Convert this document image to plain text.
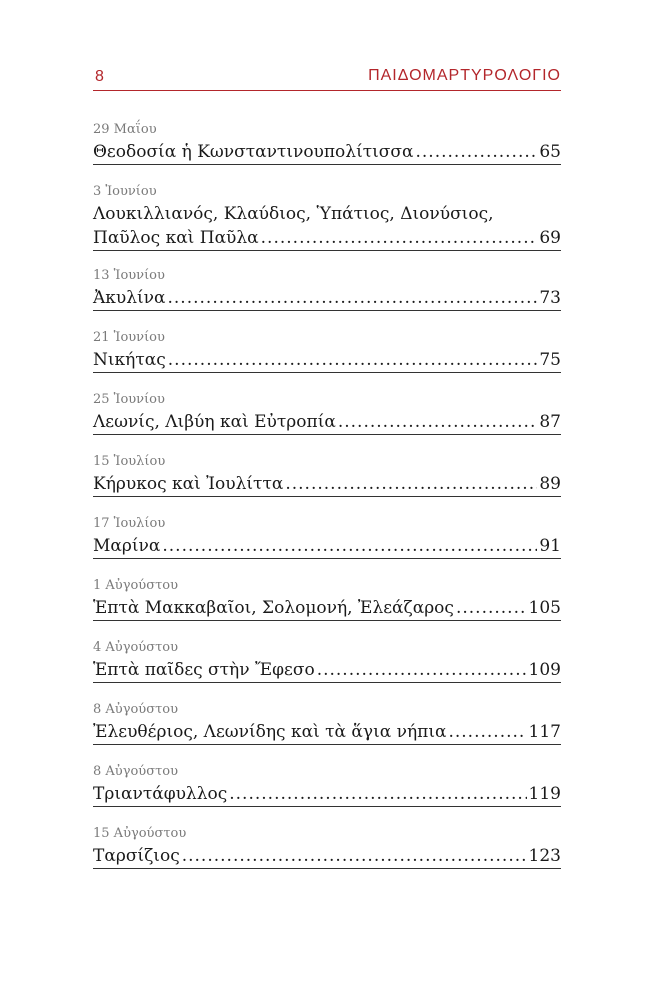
8	ΠΑΙΔΟΜΑΡΤΥΡΟΛΟΓΙΟ
29 Μαΐου
Θεοδοσία ἡ Κωνσταντινουπολίτισσα .....	65
3 Ἰουνίου
Λουκιλλιανός, Κλαύδιος, Ὑπάτιος, Διονύσιος,
Παῦλος καὶ Παῦλα .....	69
13 Ἰουνίου
Ἀκυλίνα .....	73
21 Ἰουνίου
Νικήτας .....	75
25 Ἰουνίου
Λεωνίς, Λιβύη καὶ Εὐτροπία .....	87
15 Ἰουλίου
Κήρυκος καὶ Ἰουλίττα .....	89
17 Ἰουλίου
Μαρίνα .....	91
1 Αὐγούστου
Ἑπτὰ Μακκαβαῖοι, Σολομονή, Ἐλεάζαρος .....	105
4 Αὐγούστου
Ἑπτὰ παῖδες στὴν Ἔφεσο .....	109
8 Αὐγούστου
Ἐλευθέριος, Λεωνίδης καὶ τὰ ἅγια νήπια .....	117
8 Αὐγούστου
Τριαντάφυλλος .....	119
15 Αὐγούστου
Ταρσίζιος .....	123
